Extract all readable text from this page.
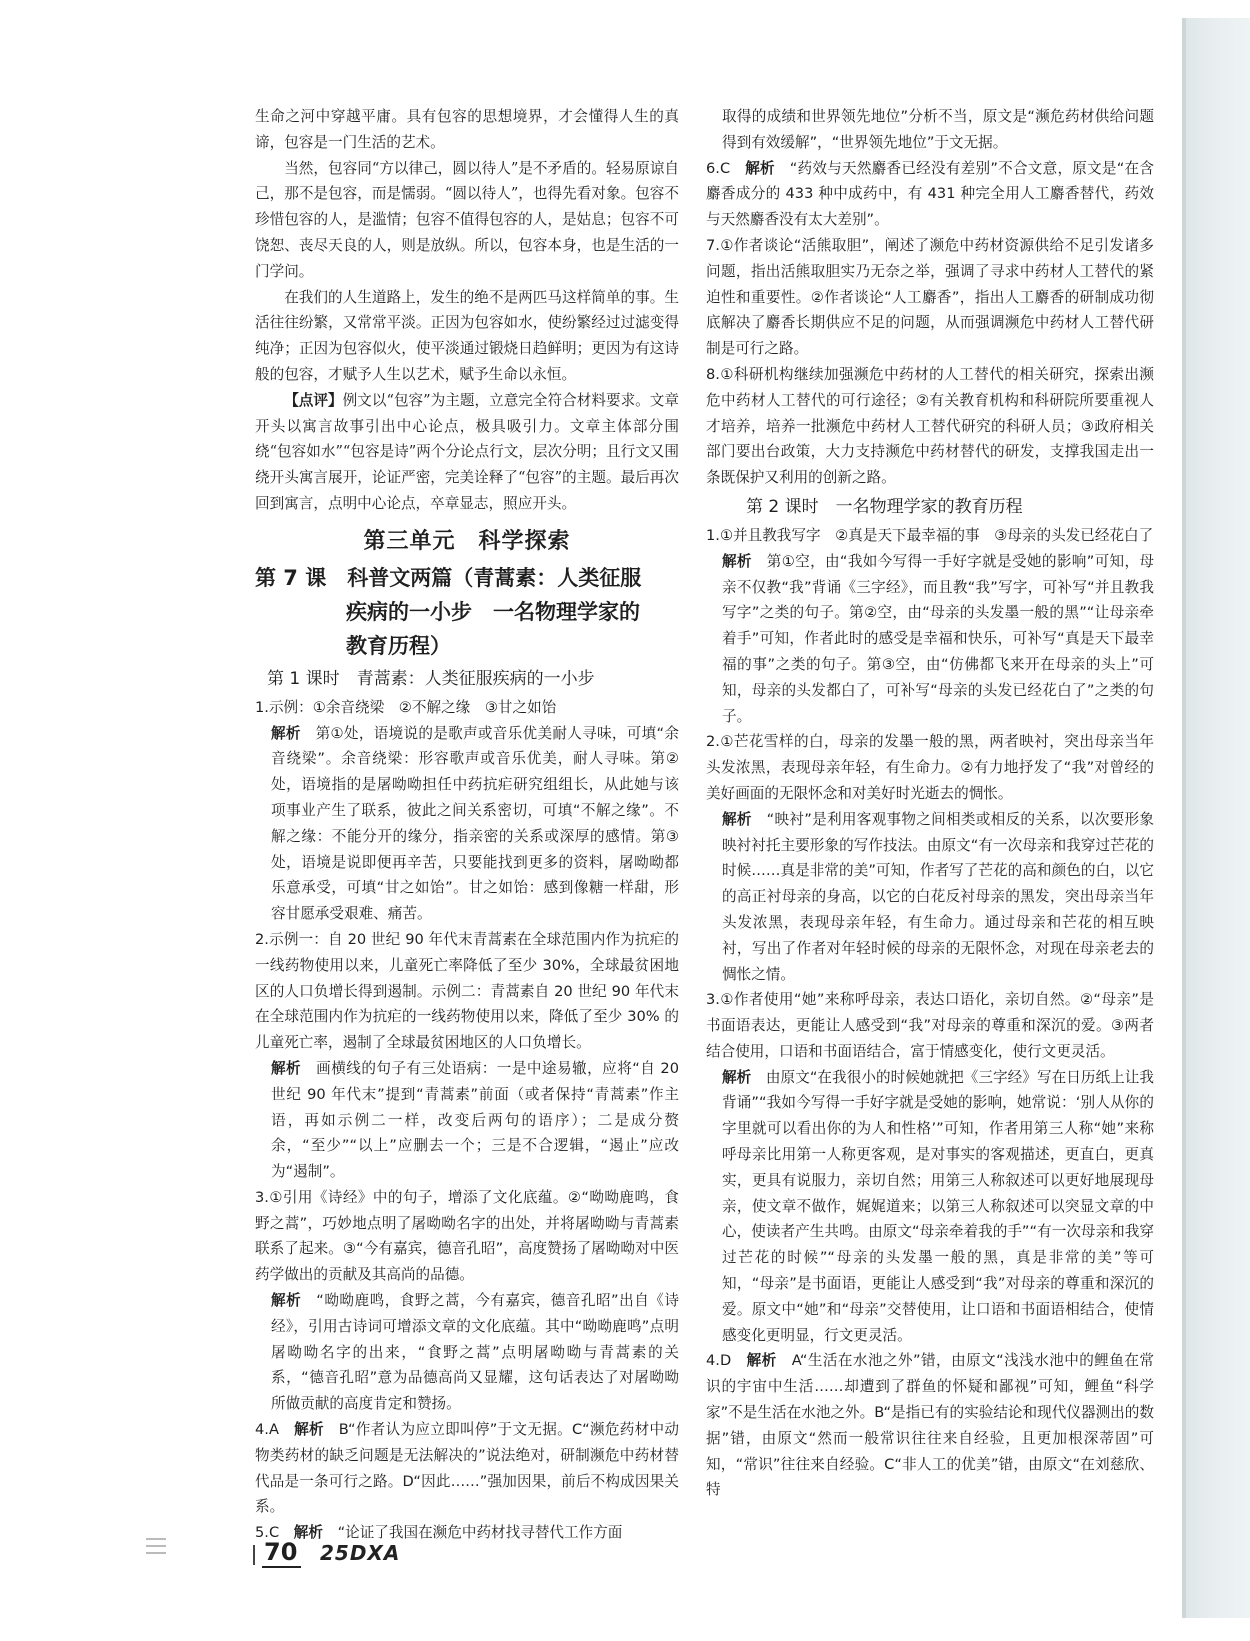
生命之河中穿越平庸。具有包容的思想境界，才会懂得人生的真谛，包容是一门生活的艺术。

当然，包容同“方以律己，圆以待人”是不矛盾的。轻易原谅自己，那不是包容，而是懦弱。“圆以待人”，也得先看对象。包容不珍惜包容的人，是滥情；包容不值得包容的人，是姑息；包容不可饶恕、丧尽天良的人，则是放纵。所以，包容本身，也是生活的一门学问。

在我们的人生道路上，发生的绝不是两匹马这样简单的事。生活往往纷繁，又常常平淡。正因为包容如水，使纷繁经过过滤变得纯净；正因为包容似火，使平淡通过锻烧日趋鲜明；更因为有这诗般的包容，才赋予人生以艺术，赋予生命以永恒。

【点评】例文以“包容”为主题，立意完全符合材料要求。文章开头以寓言故事引出中心论点，极具吸引力。文章主体部分围绕“包容如水”“包容是诗”两个分论点行文，层次分明；且行文又围绕开头寓言展开，论证严密，完美诠释了“包容”的主题。最后再次回到寓言，点明中心论点，卒章显志，照应开头。

第三单元　科学探索
第 7 课　科普文两篇（青蒿素：人类征服
疾病的一小步　一名物理学家的
教育历程）
第 1 课时　青蒿素：人类征服疾病的一小步
1.示例：①余音绕梁　②不解之缘　③甘之如饴
解析　 第①处，语境说的是歌声或音乐优美耐人寻味，可填“余音绕梁”。余音绕梁：形容歌声或音乐优美，耐人寻味。第②处，语境指的是屠呦呦担任中药抗疟研究组组长，从此她与该项事业产生了联系，彼此之间关系密切，可填“不解之缘”。不解之缘：不能分开的缘分，指亲密的关系或深厚的感情。第③处，语境是说即便再辛苦，只要能找到更多的资料，屠呦呦都乐意承受，可填“甘之如饴”。甘之如饴：感到像糖一样甜，形容甘愿承受艰难、痛苦。
2.示例一：自 20 世纪 90 年代末青蒿素在全球范围内作为抗疟的一线药物使用以来，儿童死亡率降低了至少 30%，全球最贫困地区的人口负增长得到遏制。示例二：青蒿素自 20 世纪 90 年代末在全球范围内作为抗疟的一线药物使用以来，降低了至少 30% 的儿童死亡率，遏制了全球最贫困地区的人口负增长。
解析　 画横线的句子有三处语病：一是中途易辙，应将“自 20 世纪 90 年代末”提到“青蒿素”前面（或者保持“青蒿素”作主语，再如示例二一样，改变后两句的语序）；二是成分赘余，“至少”“以上”应删去一个；三是不合逻辑，“遏止”应改为“遏制”。
3.①引用《诗经》中的句子，增添了文化底蕴。②“呦呦鹿鸣，食野之蒿”，巧妙地点明了屠呦呦名字的出处，并将屠呦呦与青蒿素联系了起来。③“今有嘉宾，德音孔昭”，高度赞扬了屠呦呦对中医药学做出的贡献及其高尚的品德。
解析　 “呦呦鹿鸣，食野之蒿，今有嘉宾，德音孔昭”出自《诗经》，引用古诗词可增添文章的文化底蕴。其中“呦呦鹿鸣”点明屠呦呦名字的出来，“食野之蒿”点明屠呦呦与青蒿素的关系，“德音孔昭”意为品德高尚又显耀，这句话表达了对屠呦呦所做贡献的高度肯定和赞扬。
4.A　 解析　 B“作者认为应立即叫停”于文无据。C“濒危药材中动物类药材的缺乏问题是无法解决的”说法绝对，研制濒危中药材替代品是一条可行之路。D“因此……”强加因果，前后不构成因果关系。
5.C　 解析　 “论证了我国在濒危中药材找寻替代工作方面

取得的成绩和世界领先地位”分析不当，原文是“濒危药材供给问题得到有效缓解”，“世界领先地位”于文无据。

6.C　 解析　 “药效与天然麝香已经没有差别”不合文意，原文是“在含麝香成分的 433 种中成药中，有 431 种完全用人工麝香替代，药效与天然麝香没有太大差别”。
7.①作者谈论“活熊取胆”，阐述了濒危中药材资源供给不足引发诸多问题，指出活熊取胆实乃无奈之举，强调了寻求中药材人工替代的紧迫性和重要性。②作者谈论“人工麝香”，指出人工麝香的研制成功彻底解决了麝香长期供应不足的问题，从而强调濒危中药材人工替代研制是可行之路。
8.①科研机构继续加强濒危中药材的人工替代的相关研究，探索出濒危中药材人工替代的可行途径；②有关教育机构和科研院所要重视人才培养，培养一批濒危中药材人工替代研究的科研人员；③政府相关部门要出台政策，大力支持濒危中药材替代的研发，支撑我国走出一条既保护又利用的创新之路。
第 2 课时　一名物理学家的教育历程
1.①并且教我写字　②真是天下最幸福的事　③母亲的头发已经花白了
解析　 第①空，由“我如今写得一手好字就是受她的影响”可知，母亲不仅教“我”背诵《三字经》，而且教“我”写字，可补写“并且教我写字”之类的句子。第②空，由“母亲的头发墨一般的黑”“让母亲牵着手”可知，作者此时的感受是幸福和快乐，可补写“真是天下最幸福的事”之类的句子。第③空，由“仿佛都飞来开在母亲的头上”可知，母亲的头发都白了，可补写“母亲的头发已经花白了”之类的句子。
2.①芒花雪样的白，母亲的发墨一般的黑，两者映衬，突出母亲当年头发浓黑，表现母亲年轻，有生命力。②有力地抒发了“我”对曾经的美好画面的无限怀念和对美好时光逝去的惆怅。
解析　 “映衬”是利用客观事物之间相类或相反的关系，以次要形象映衬衬托主要形象的写作技法。由原文“有一次母亲和我穿过芒花的时候……真是非常的美”可知，作者写了芒花的高和颜色的白，以它的高正衬母亲的身高，以它的白花反衬母亲的黑发，突出母亲当年头发浓黑，表现母亲年轻，有生命力。通过母亲和芒花的相互映衬，写出了作者对年轻时候的母亲的无限怀念，对现在母亲老去的惆怅之情。
3.①作者使用“她”来称呼母亲，表达口语化，亲切自然。②“母亲”是书面语表达，更能让人感受到“我”对母亲的尊重和深沉的爱。③两者结合使用，口语和书面语结合，富于情感变化，使行文更灵活。
解析　 由原文“在我很小的时候她就把《三字经》写在日历纸上让我背诵”“我如今写得一手好字就是受她的影响，她常说：‘别人从你的字里就可以看出你的为人和性格’”可知，作者用第三人称“她”来称呼母亲比用第一人称更客观，是对事实的客观描述，更直白，更真实，更具有说服力，亲切自然；用第三人称叙述可以更好地展现母亲，使文章不做作，娓娓道来；以第三人称叙述可以突显文章的中心，使读者产生共鸣。由原文“母亲牵着我的手”“有一次母亲和我穿过芒花的时候”“母亲的头发墨一般的黑，真是非常的美”等可知，“母亲”是书面语，更能让人感受到“我”对母亲的尊重和深沉的爱。原文中“她”和“母亲”交替使用，让口语和书面语相结合，使情感变化更明显，行文更灵活。
4.D　 解析　 A“生活在水池之外”错，由原文“浅浅水池中的鲤鱼在常识的宇宙中生活……却遭到了群鱼的怀疑和鄙视”可知，鲤鱼“科学家”不是生活在水池之外。B“是指已有的实验结论和现代仪器测出的数据”错，由原文“然而一般常识往往来自经验，且更加根深蒂固”可知，“常识”往往来自经验。C“非人工的优美”错，由原文“在刘慈欣、特
70 25DXA
